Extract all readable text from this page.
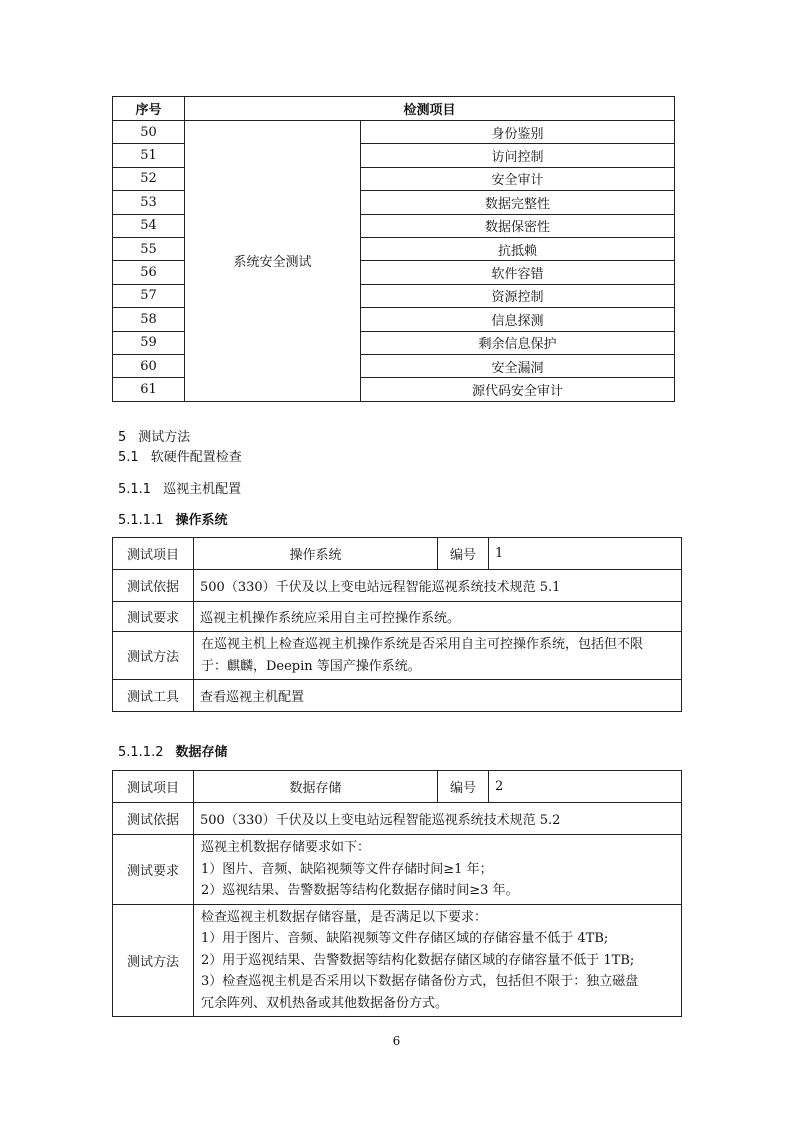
序号	检测项目	
50	系统安全测试	身份鉴别
51		访问控制
52		安全审计
53		数据完整性
54		数据保密性
55		抗抵赖
56		软件容错
57		资源控制
58		信息探测
59		剩余信息保护
60		安全漏洞
61		源代码安全审计
5 测试方法
5.1 软硬件配置检查
5.1.1 巡视主机配置
5.1.1.1 操作系统
测试项目	操作系统	编号	1
测试依据	500（330）千伏及以上变电站远程智能巡视系统技术规范 5.1		
测试要求	巡视主机操作系统应采用自主可控操作系统。		
测试方法	在巡视主机上检查巡视主机操作系统是否采用自主可控操作系统，包括但不限
于：麒麟，Deepin 等国产操作系统。		

测试工具	查看巡视主机配置		
5.1.1.2 数据存储
测试项目	数据存储	编号	2
测试依据	500（330）千伏及以上变电站远程智能巡视系统技术规范 5.2		
测试要求	巡视主机数据存储要求如下：
1）图片、音频、缺陷视频等文件存储时间≥1 年；
2）巡视结果、告警数据等结构化数据存储时间≥3 年。		

测试方法	检查巡视主机数据存储容量，是否满足以下要求：
1）用于图片、音频、缺陷视频等文件存储区域的存储容量不低于 4TB;
2）用于巡视结果、告警数据等结构化数据存储区域的存储容量不低于 1TB;
3）检查巡视主机是否采用以下数据存储备份方式，包括但不限于：独立磁盘
冗余阵列、双机热备或其他数据备份方式。		
6
